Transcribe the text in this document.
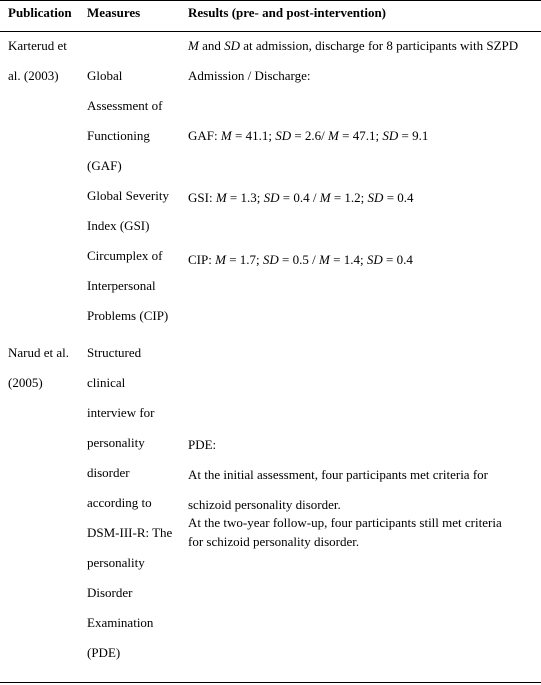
Publication Measures	Results (pre- and post-intervention)
Karterud et
al. (2003) Global
Assessment of
Functioning
(GAF)
Global Severity
Index (GSI)
Circumplex of
Interpersonal
Problems (CIP)
M and SD at admission, discharge for 8 participants with SZPD
Admission / Discharge:
GAF: M = 41.1; SD = 2.6/ M = 47.1; SD = 9.1
GSI: M = 1.3; SD = 0.4 / M = 1.2; SD = 0.4
CIP: M = 1.7; SD = 0.5 / M = 1.4; SD = 0.4
Narud et al.
(2005)
Structured
clinical
interview for
personality
disorder
according to
DSM-III-R: The
personality
Disorder
Examination
(PDE)
PDE:
At the initial assessment, four participants met criteria for
schizoid personality disorder.
At the two-year follow-up, four participants still met criteria
for schizoid personality disorder.
